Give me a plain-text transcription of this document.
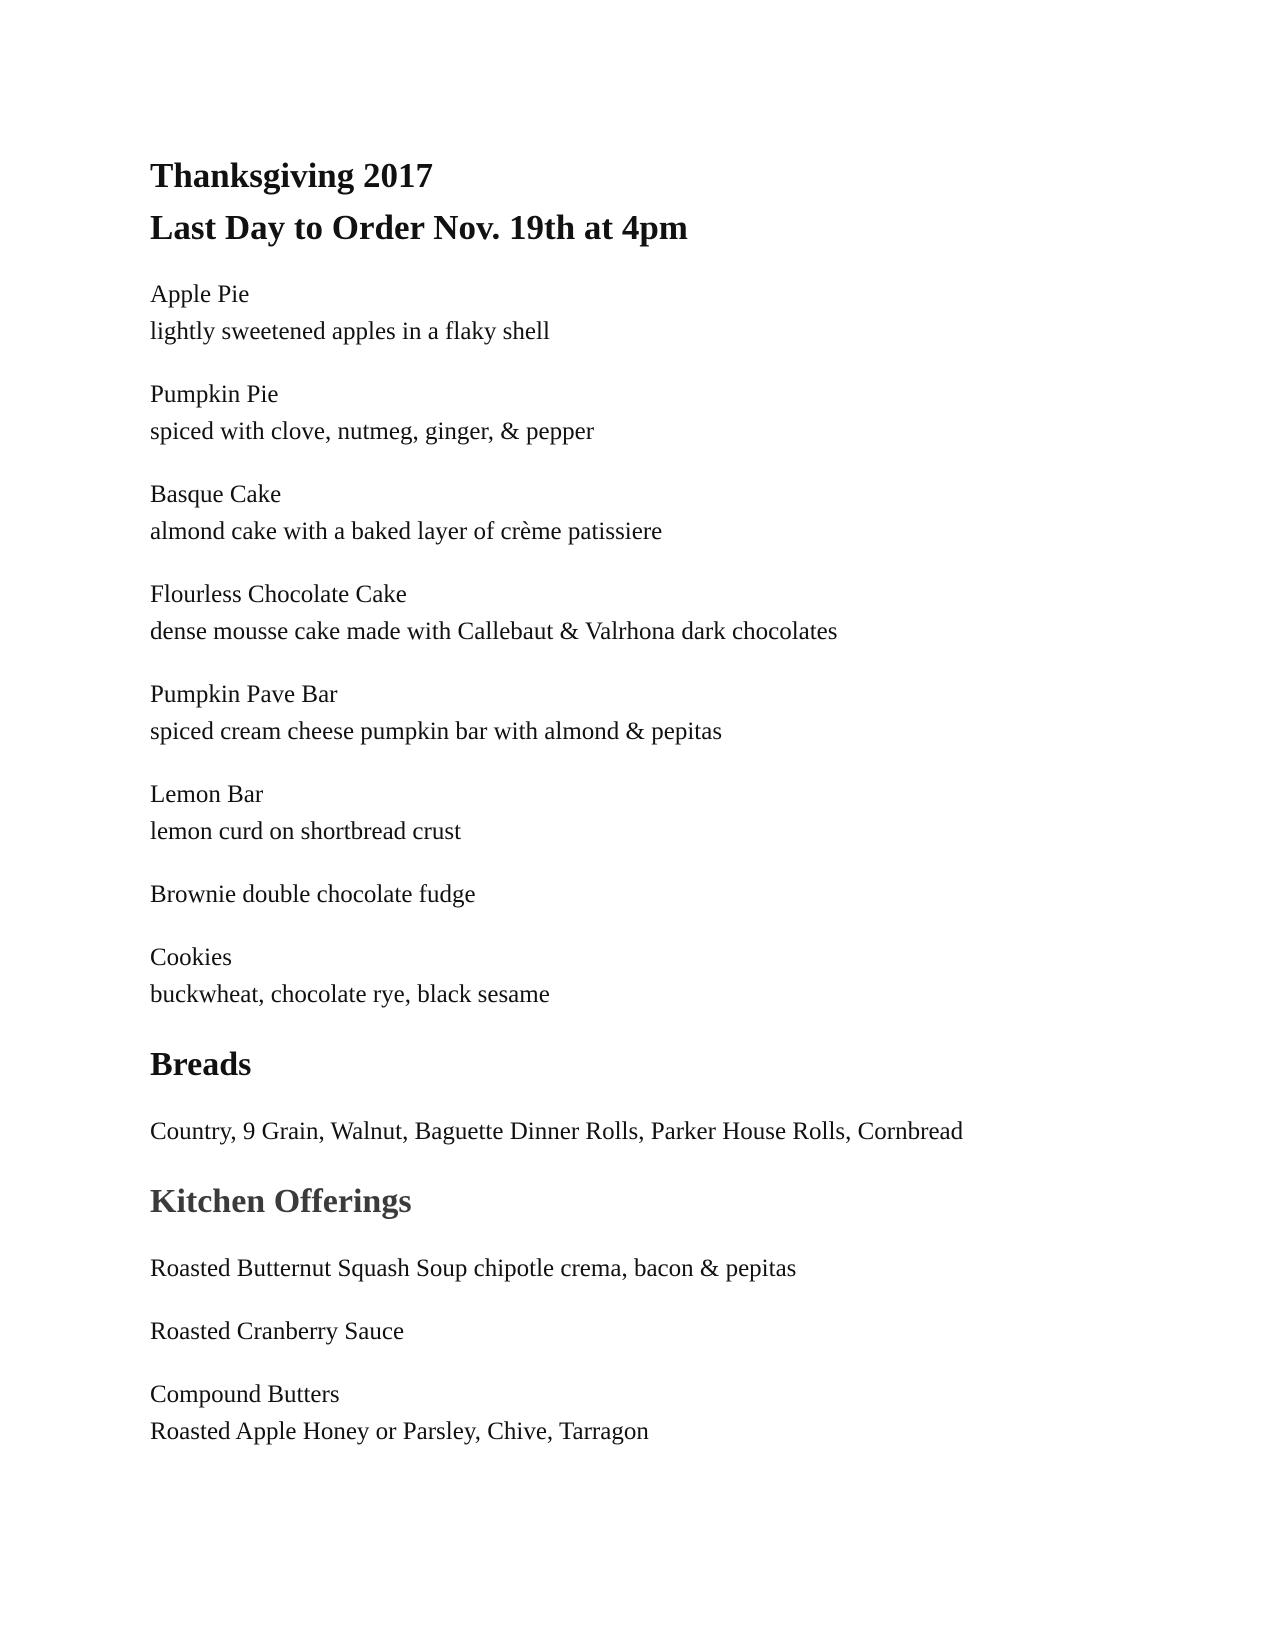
Thanksgiving 2017
Last Day to Order Nov. 19th at 4pm
Apple Pie
lightly sweetened apples in a flaky shell
Pumpkin Pie
spiced with clove, nutmeg, ginger, & pepper
Basque Cake
almond cake with a baked layer of crème patissiere
Flourless Chocolate Cake
dense mousse cake made with Callebaut & Valrhona dark chocolates
Pumpkin Pave Bar
spiced cream cheese pumpkin bar with almond & pepitas
Lemon Bar
lemon curd on shortbread crust
Brownie double chocolate fudge
Cookies
buckwheat, chocolate rye, black sesame
Breads
Country, 9 Grain, Walnut, Baguette Dinner Rolls, Parker House Rolls, Cornbread
Kitchen Offerings
Roasted Butternut Squash Soup chipotle crema, bacon & pepitas
Roasted Cranberry Sauce
Compound Butters
Roasted Apple Honey or Parsley, Chive, Tarragon
